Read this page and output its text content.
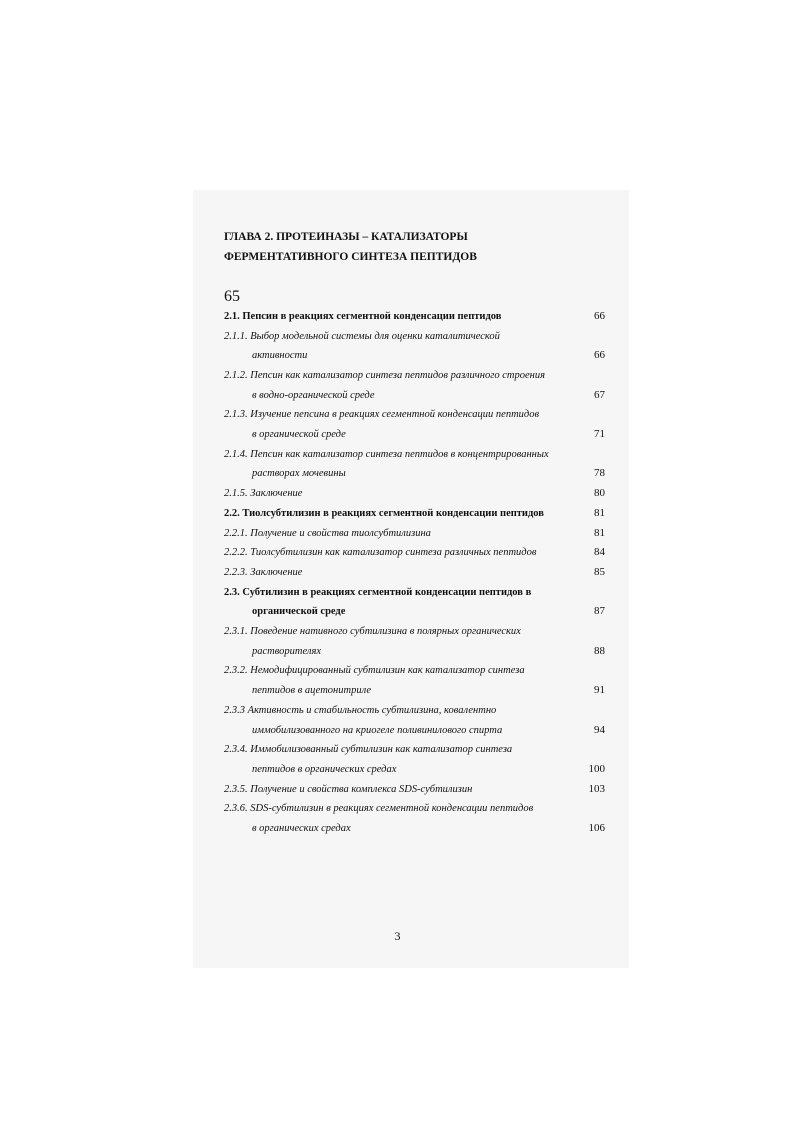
ГЛАВА 2. ПРОТЕИНАЗЫ – КАТАЛИЗАТОРЫ
ФЕРМЕНТАТИВНОГО СИНТЕЗА ПЕПТИДОВ
65
2.1. Пепсин в реакциях сегментной конденсации пептидов	66
2.1.1. Выбор модельной системы для оценки каталитической
активности	66
2.1.2. Пепсин как катализатор синтеза пептидов различного строения
в водно-органической среде	67
2.1.3. Изучение пепсина в реакциях сегментной конденсации пептидов
в органической среде	71
2.1.4. Пепсин как катализатор синтеза пептидов в концентрированных
растворах мочевины	78
2.1.5. Заключение	80
2.2. Тиолсубтилизин в реакциях сегментной конденсации пептидов	81
2.2.1. Получение и свойства тиолсубтилизина	81
2.2.2. Тиолсубтилизин как катализатор синтеза различных пептидов	84
2.2.3. Заключение	85
2.3. Субтилизин в реакциях сегментной конденсации пептидов в
органической среде	87
2.3.1. Поведение нативного субтилизина в полярных органических
растворителях	88
2.3.2. Немодифицированный субтилизин как катализатор синтеза
пептидов в ацетонитриле	91
2.3.3 Активность и стабильность субтилизина, ковалентно
иммобилизованного на криогеле поливинилового спирта	94
2.3.4. Иммобилизованный субтилизин как катализатор синтеза
пептидов в органических средах	100
2.3.5. Получение и свойства комплекса SDS-субтилизин	103
2.3.6. SDS-субтилизин в реакциях сегментной конденсации пептидов
в органических средах	106
3
